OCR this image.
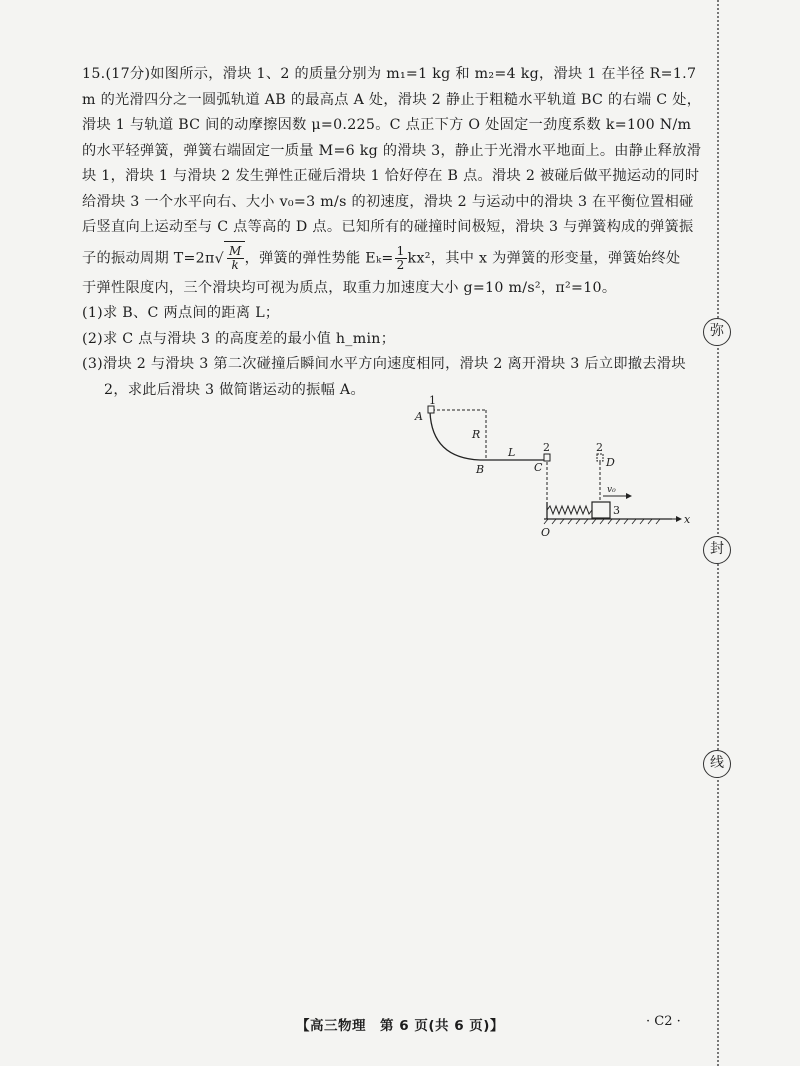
15.(17分)如图所示，滑块 1、2 的质量分别为 m₁=1 kg 和 m₂=4 kg，滑块 1 在半径 R=1.7 m 的光滑四分之一圆弧轨道 AB 的最高点 A 处，滑块 2 静止于粗糙水平轨道 BC 的右端 C 处，滑块 1 与轨道 BC 间的动摩擦因数 μ=0.225。C 点正下方 O 处固定一劲度系数 k=100 N/m 的水平轻弹簧，弹簧右端固定一质量 M=6 kg 的滑块 3，静止于光滑水平地面上。由静止释放滑块 1，滑块 1 与滑块 2 发生弹性正碰后滑块 1 恰好停在 B 点。滑块 2 被碰后做平抛运动的同时给滑块 3 一个水平向右、大小 v₀=3 m/s 的初速度，滑块 2 与运动中的滑块 3 在平衡位置相碰后竖直向上运动至与 C 点等高的 D 点。已知所有的碰撞时间极短，滑块 3 与弹簧构成的弹簧振

子的振动周期 $T=2\pi√ \frac{M}{k}$ ，弹簧的弹性势能 $E_k= \frac{1}{2} kx^2$，其中 x 为弹簧的形变量，弹簧始终处

于弹性限度内，三个滑块均可视为质点，取重力加速度大小 g=10 m/s²，π²=10。

(1)求 B、C 两点间的距离 L；

(2)求 C 点与滑块 3 的高度差的最小值 h_min；

(3)滑块 2 与滑块 3 第二次碰撞后瞬间水平方向速度相同，滑块 2 离开滑块 3 后立即撤去滑块 2，求此后滑块 3 做简谐运动的振幅 A。

A
1
R
B
L
C
2	2
D
v₀
3
O
x
弥
封
线
【高三物理　第 6 页(共 6 页)】	· C2 ·
